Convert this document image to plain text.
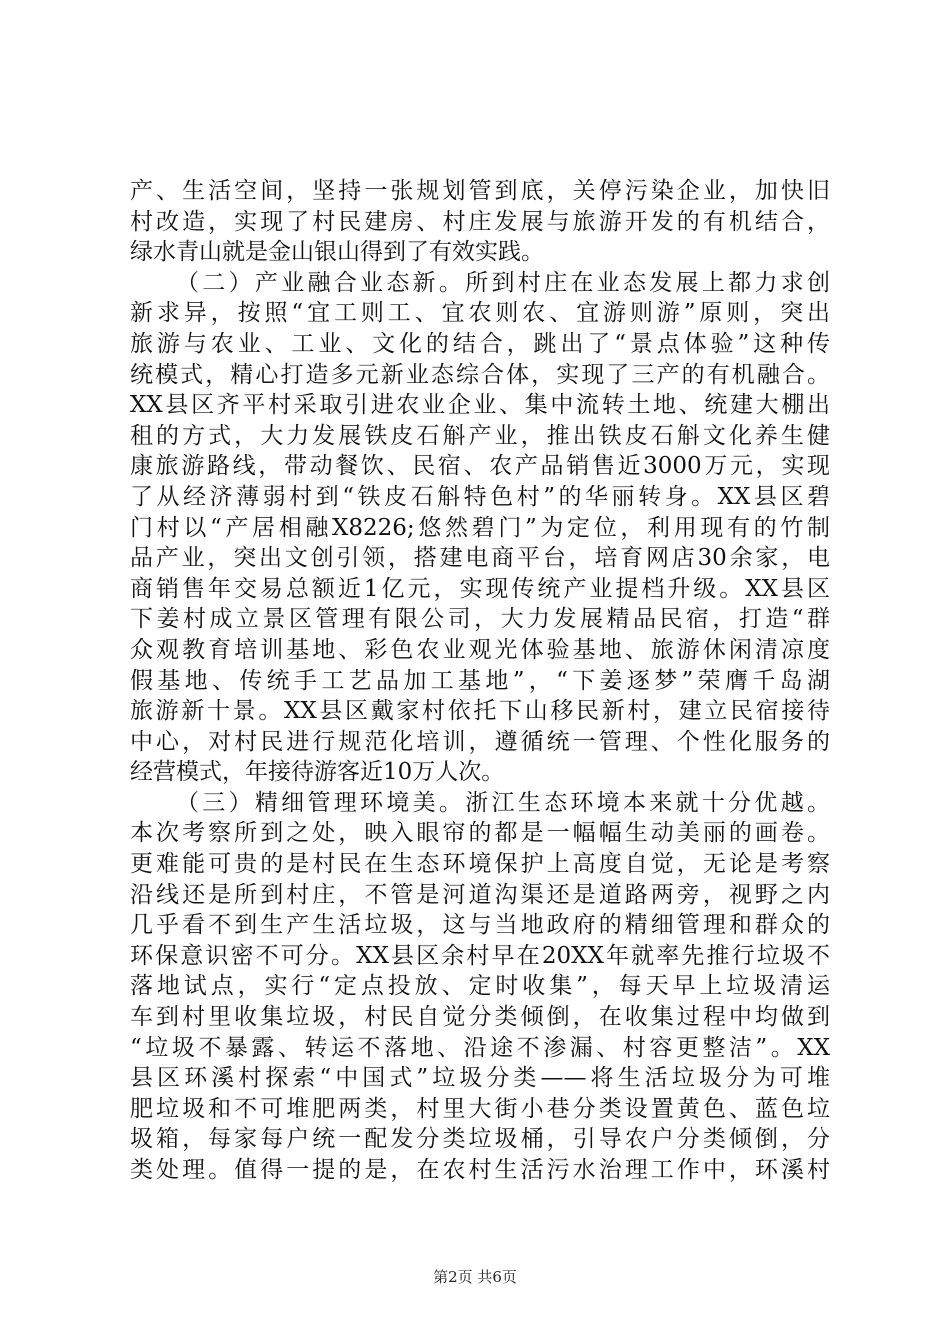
产、生活空间，坚持一张规划管到底，关停污染企业，加快旧
村改造，实现了村民建房、村庄发展与旅游开发的有机结合，
绿水青山就是金山银山得到了有效实践。
（二）产业融合业态新。所到村庄在业态发展上都力求创
新求异，按照“宜工则工、宜农则农、宜游则游”原则，突出
旅游与农业、工业、文化的结合，跳出了“景点体验”这种传
统模式，精心打造多元新业态综合体，实现了三产的有机融合。
XX县区齐平村采取引进农业企业、集中流转土地、统建大棚出
租的方式，大力发展铁皮石斛产业，推出铁皮石斛文化养生健
康旅游路线，带动餐饮、民宿、农产品销售近3000万元，实现
了从经济薄弱村到“铁皮石斛特色村”的华丽转身。XX县区碧
门村以“产居相融X8226;悠然碧门”为定位，利用现有的竹制
品产业，突出文创引领，搭建电商平台，培育网店30余家，电
商销售年交易总额近1亿元，实现传统产业提档升级。XX县区
下姜村成立景区管理有限公司，大力发展精品民宿，打造“群
众观教育培训基地、彩色农业观光体验基地、旅游休闲清凉度
假基地、传统手工艺品加工基地”，“下姜逐梦”荣膺千岛湖
旅游新十景。XX县区戴家村依托下山移民新村，建立民宿接待
中心，对村民进行规范化培训，遵循统一管理、个性化服务的
经营模式，年接待游客近10万人次。
（三）精细管理环境美。浙江生态环境本来就十分优越。
本次考察所到之处，映入眼帘的都是一幅幅生动美丽的画卷。
更难能可贵的是村民在生态环境保护上高度自觉，无论是考察
沿线还是所到村庄，不管是河道沟渠还是道路两旁，视野之内
几乎看不到生产生活垃圾，这与当地政府的精细管理和群众的
环保意识密不可分。XX县区余村早在20XX年就率先推行垃圾不
落地试点，实行“定点投放、定时收集”，每天早上垃圾清运
车到村里收集垃圾，村民自觉分类倾倒，在收集过程中均做到
“垃圾不暴露、转运不落地、沿途不渗漏、村容更整洁”。XX
县区环溪村探索“中国式”垃圾分类——将生活垃圾分为可堆
肥垃圾和不可堆肥两类，村里大街小巷分类设置黄色、蓝色垃
圾箱，每家每户统一配发分类垃圾桶，引导农户分类倾倒，分
类处理。值得一提的是，在农村生活污水治理工作中，环溪村
第2页 共6页
